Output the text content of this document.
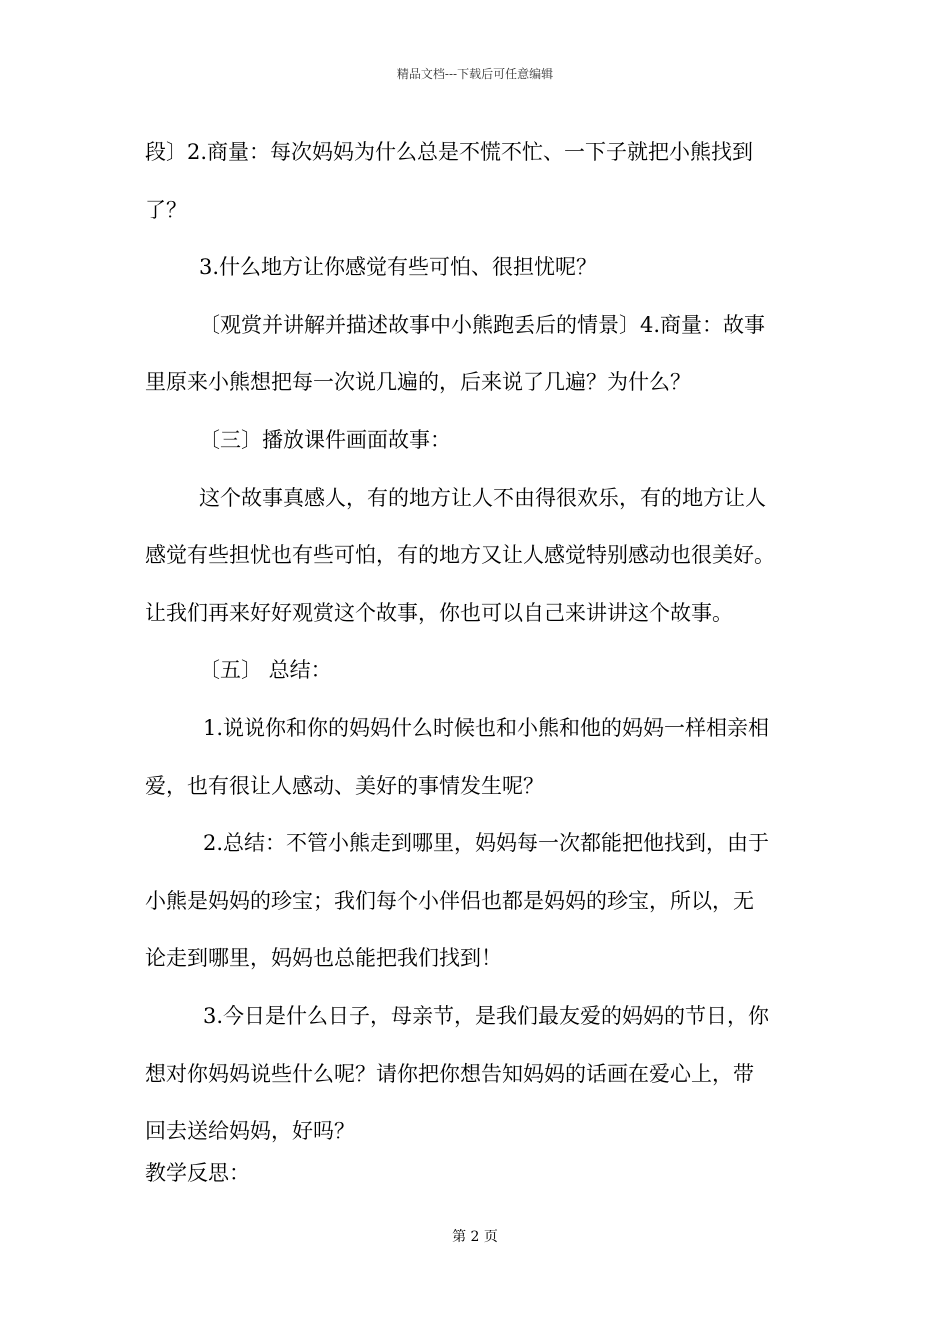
精品文档---下载后可任意编辑
段〕2.商量：每次妈妈为什么总是不慌不忙、一下子就把小熊找到
了？
3.什么地方让你感觉有些可怕、很担忧呢？
〔观赏并讲解并描述故事中小熊跑丢后的情景〕4.商量：故事
里原来小熊想把每一次说几遍的，后来说了几遍？为什么？
〔三〕播放课件画面故事：
这个故事真感人，有的地方让人不由得很欢乐，有的地方让人
感觉有些担忧也有些可怕，有的地方又让人感觉特别感动也很美好。
让我们再来好好观赏这个故事，你也可以自己来讲讲这个故事。
〔五〕 总结：
1.说说你和你的妈妈什么时候也和小熊和他的妈妈一样相亲相
爱，也有很让人感动、美好的事情发生呢？
2.总结：不管小熊走到哪里，妈妈每一次都能把他找到，由于
小熊是妈妈的珍宝；我们每个小伴侣也都是妈妈的珍宝，所以，无
论走到哪里，妈妈也总能把我们找到！
3.今日是什么日子，母亲节，是我们最友爱的妈妈的节日，你
想对你妈妈说些什么呢？请你把你想告知妈妈的话画在爱心上，带
回去送给妈妈，好吗？
教学反思：
第 2 页
